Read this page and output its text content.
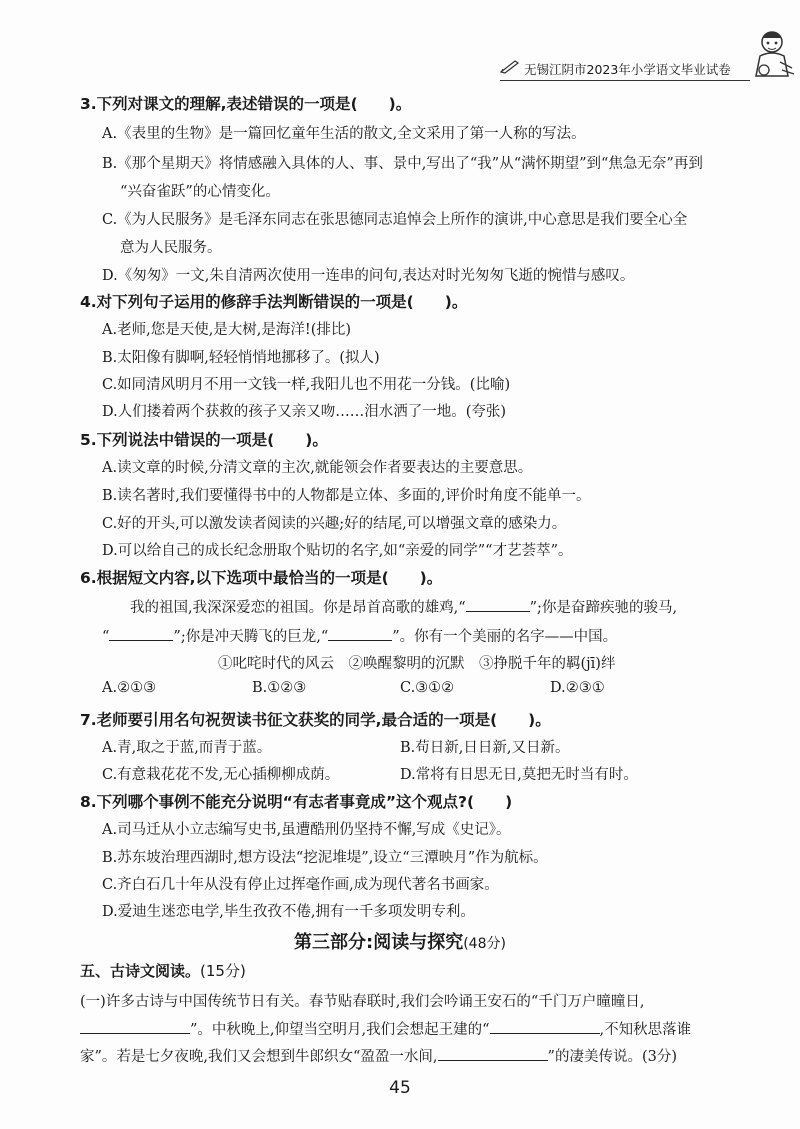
无锡江阴市2023年小学语文毕业试卷
3.下列对课文的理解,表述错误的一项是(　　)。
A.《表里的生物》是一篇回忆童年生活的散文,全文采用了第一人称的写法。
B.《那个星期天》将情感融入具体的人、事、景中,写出了“我”从“满怀期望”到“焦急无奈”再到
“兴奋雀跃”的心情变化。
C.《为人民服务》是毛泽东同志在张思德同志追悼会上所作的演讲,中心意思是我们要全心全
意为人民服务。
D.《匆匆》一文,朱自清两次使用一连串的问句,表达对时光匆匆飞逝的惋惜与感叹。
4.对下列句子运用的修辞手法判断错误的一项是(　　)。
A.老师,您是天使,是大树,是海洋!(排比)
B.太阳像有脚啊,轻轻悄悄地挪移了。(拟人)
C.如同清风明月不用一文钱一样,我阳儿也不用花一分钱。(比喻)
D.人们搂着两个获救的孩子又亲又吻……泪水洒了一地。(夸张)
5.下列说法中错误的一项是(　　)。
A.读文章的时候,分清文章的主次,就能领会作者要表达的主要意思。
B.读名著时,我们要懂得书中的人物都是立体、多面的,评价时角度不能单一。
C.好的开头,可以激发读者阅读的兴趣;好的结尾,可以增强文章的感染力。
D.可以给自己的成长纪念册取个贴切的名字,如“亲爱的同学”“才艺荟萃”。
6.根据短文内容,以下选项中最恰当的一项是(　　)。
我的祖国,我深深爱恋的祖国。你是昂首高歌的雄鸡,“	”;你是奋蹄疾驰的骏马,
“	”;你是冲天腾飞的巨龙,“	”。你有一个美丽的名字——中国。
①叱咤时代的风云　②唤醒黎明的沉默　③挣脱千年的羁(jī)绊
A.②①③	B.①②③	C.③①②	D.②③①
7.老师要引用名句祝贺读书征文获奖的同学,最合适的一项是(　　)。
A.青,取之于蓝,而青于蓝。	B.苟日新,日日新,又日新。
C.有意栽花花不发,无心插柳柳成荫。	D.常将有日思无日,莫把无时当有时。
8.下列哪个事例不能充分说明“有志者事竟成”这个观点?(　　)
A.司马迁从小立志编写史书,虽遭酷刑仍坚持不懈,写成《史记》。
B.苏东坡治理西湖时,想方设法“挖泥堆堤”,设立“三潭映月”作为航标。
C.齐白石几十年从没有停止过挥毫作画,成为现代著名书画家。
D.爱迪生迷恋电学,毕生孜孜不倦,拥有一千多项发明专利。
第三部分:阅读与探究(48分)
五、古诗文阅读。(15分)
(一)许多古诗与中国传统节日有关。春节贴春联时,我们会吟诵王安石的“千门万户曈曈日,
”。中秋晚上,仰望当空明月,我们会想起王建的“	,不知秋思落谁
家”。若是七夕夜晚,我们又会想到牛郎织女“盈盈一水间,	”的凄美传说。(3分)
45
